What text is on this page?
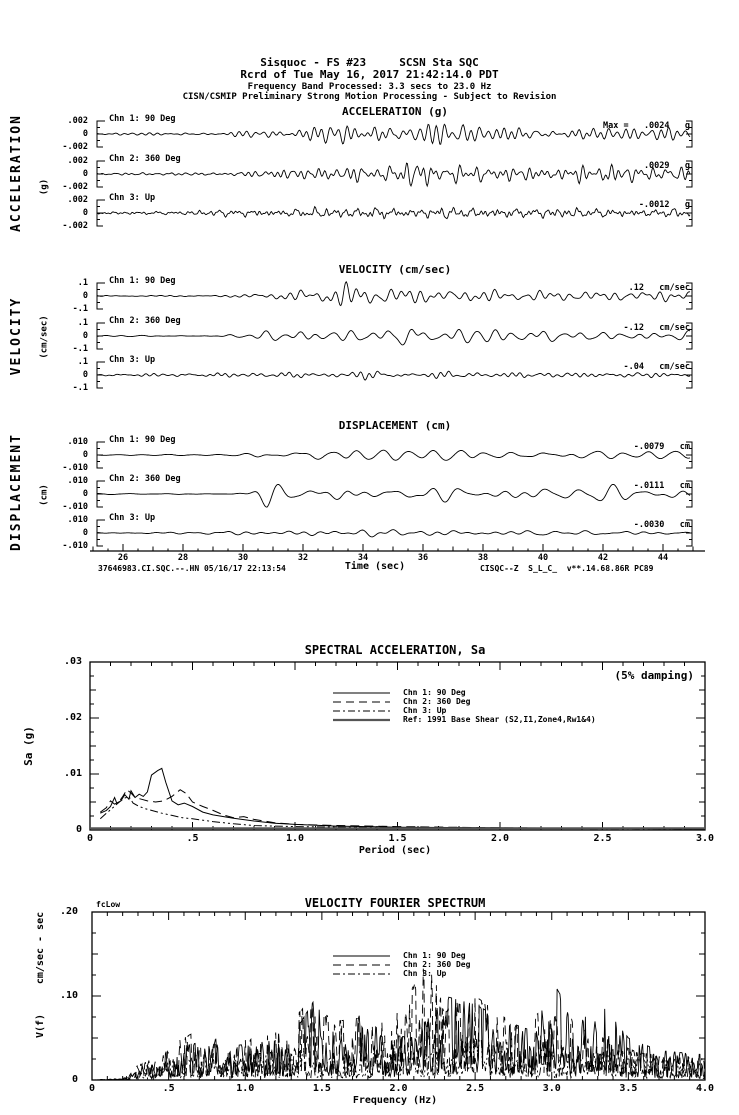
.002
0
-.002
Chn 1: 90 Deg
Max =   .0024   g
.002
0
-.002
Chn 2: 360 Deg
.0029   g
.002
0
-.002
Chn 3: Up
-.0012   g
.1
0
-.1
Chn 1: 90 Deg
.12   cm/sec
.1
0
-.1
Chn 2: 360 Deg
-.12   cm/sec
.1
0
-.1
Chn 3: Up
-.04   cm/sec
.010
0
-.010
Chn 1: 90 Deg
-.0079   cm
.010
0
-.010
Chn 2: 360 Deg
-.0111   cm
.010
0
-.010
Chn 3: Up
-.0030   cm
26	28	30	32	34	36	38	40	42	44
0	.5	1.0	1.5	2.0	2.5	3.0
.03
.02
.01
0
0	.5	1.0	1.5	2.0	2.5	3.0	3.5	4.0
.20
.10
0
Sisquoc - FS #23     SCSN Sta SQC
Rcrd of Tue May 16, 2017 21:42:14.0 PDT
Frequency Band Processed: 3.3 secs to 23.0 Hz
CISN/CSMIP Preliminary Strong Motion Processing - Subject to Revision
ACCELERATION (g)
VELOCITY (cm/sec)
DISPLACEMENT (cm)
ACCELERATION (g)
VELOCITY (cm/sec)
DISPLACEMENT (cm)
Time (sec)
37646983.CI.SQC.--.HN 05/16/17 22:13:54	CISQC--Z  S_L_C_  v**.14.68.86R PC89
SPECTRAL ACCELERATION, Sa
(5% damping)
Sa (g)
Period (sec)
Chn 1: 90 Deg
Chn 2: 360 Deg
Chn 3: Up
Ref: 1991 Base Shear (S2,I1,Zone4,Rw1&4)
VELOCITY FOURIER SPECTRUM
fcLow
cm/sec - sec
V(f)
Frequency (Hz)
Chn 1: 90 Deg
Chn 2: 360 Deg
Chn 3: Up
